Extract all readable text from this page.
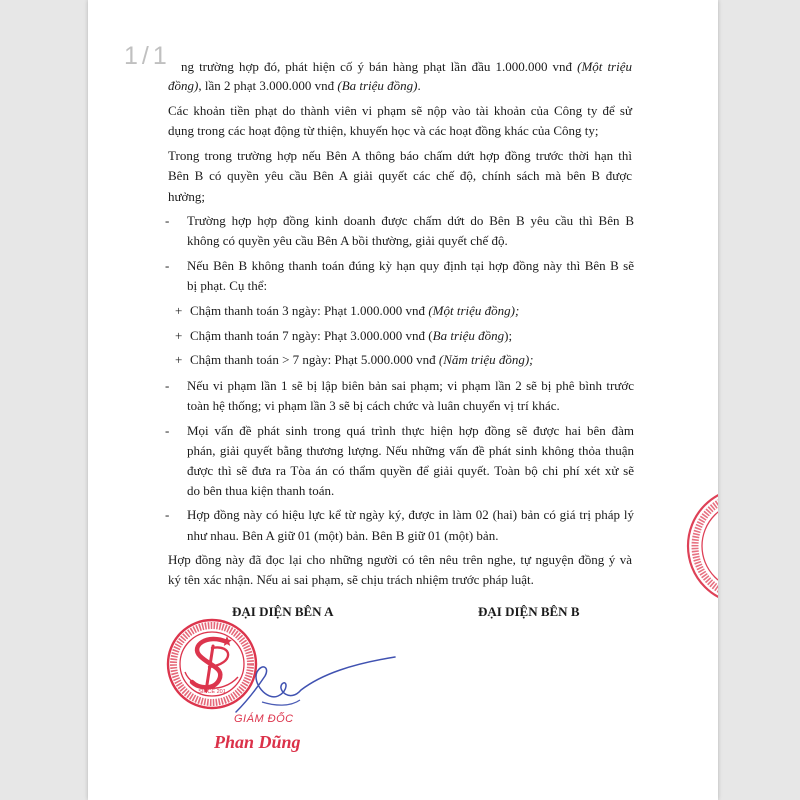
ng trường hợp đó, phát hiện cố ý bán hàng phạt lần đầu 1.000.000 vnđ (Một triệu
đồng), lần 2 phạt 3.000.000 vnđ (Ba triệu đồng).
Các khoản tiền phạt do thành viên vi phạm sẽ nộp vào tài khoản của Công ty để sử
dụng trong các hoạt động từ thiện, khuyến học và các hoạt đồng khác của Công ty;
Trong trong trường hợp nếu Bên A thông báo chấm dứt hợp đồng trước thời hạn thì
Bên B có quyền yêu cầu Bên A giải quyết các chế độ, chính sách mà bên B được
hưởng;
-	Trường hợp hợp đồng kinh doanh được chấm dứt do Bên B yêu cầu thì Bên B
không có quyền yêu cầu Bên A bồi thường, giải quyết chế độ.
-	Nếu Bên B không thanh toán đúng kỳ hạn quy định tại hợp đồng này thì Bên B sẽ
bị phạt. Cụ thể:
+ Chậm thanh toán 3 ngày: Phạt 1.000.000 vnđ (Một triệu đồng);
+ Chậm thanh toán 7 ngày: Phạt 3.000.000 vnđ (Ba triệu đồng);
+ Chậm thanh toán > 7 ngày: Phạt 5.000.000 vnđ (Năm triệu đồng);
-	Nếu vi phạm lần 1 sẽ bị lập biên bản sai phạm; vi phạm lần 2 sẽ bị phê bình trước
toàn hệ thống; vi phạm lần 3 sẽ bị cách chức và luân chuyển vị trí khác.
-	Mọi vấn đề phát sinh trong quá trình thực hiện hợp đồng sẽ được hai bên đàm
phán, giải quyết bằng thương lượng. Nếu những vấn đề phát sinh không thỏa thuận
được thì sẽ đưa ra Tòa án có thẩm quyền để giải quyết. Toàn bộ chi phí xét xử sẽ
do bên thua kiện thanh toán.
-	Hợp đồng này có hiệu lực kể từ ngày ký, được in làm 02 (hai) bản có giá trị pháp lý
như nhau. Bên A giữ 01 (một) bản. Bên B giữ 01 (một) bản.
Hợp đồng này đã đọc lại cho những người có tên nêu trên nghe, tự nguyện đồng ý và
ký tên xác nhận. Nếu ai sai phạm, sẽ chịu trách nhiệm trước pháp luật.
ĐẠI DIỆN BÊN A	ĐẠI DIỆN BÊN B
SINCE 201
GIÁM ĐỐC
Phan Dũng
1/1
